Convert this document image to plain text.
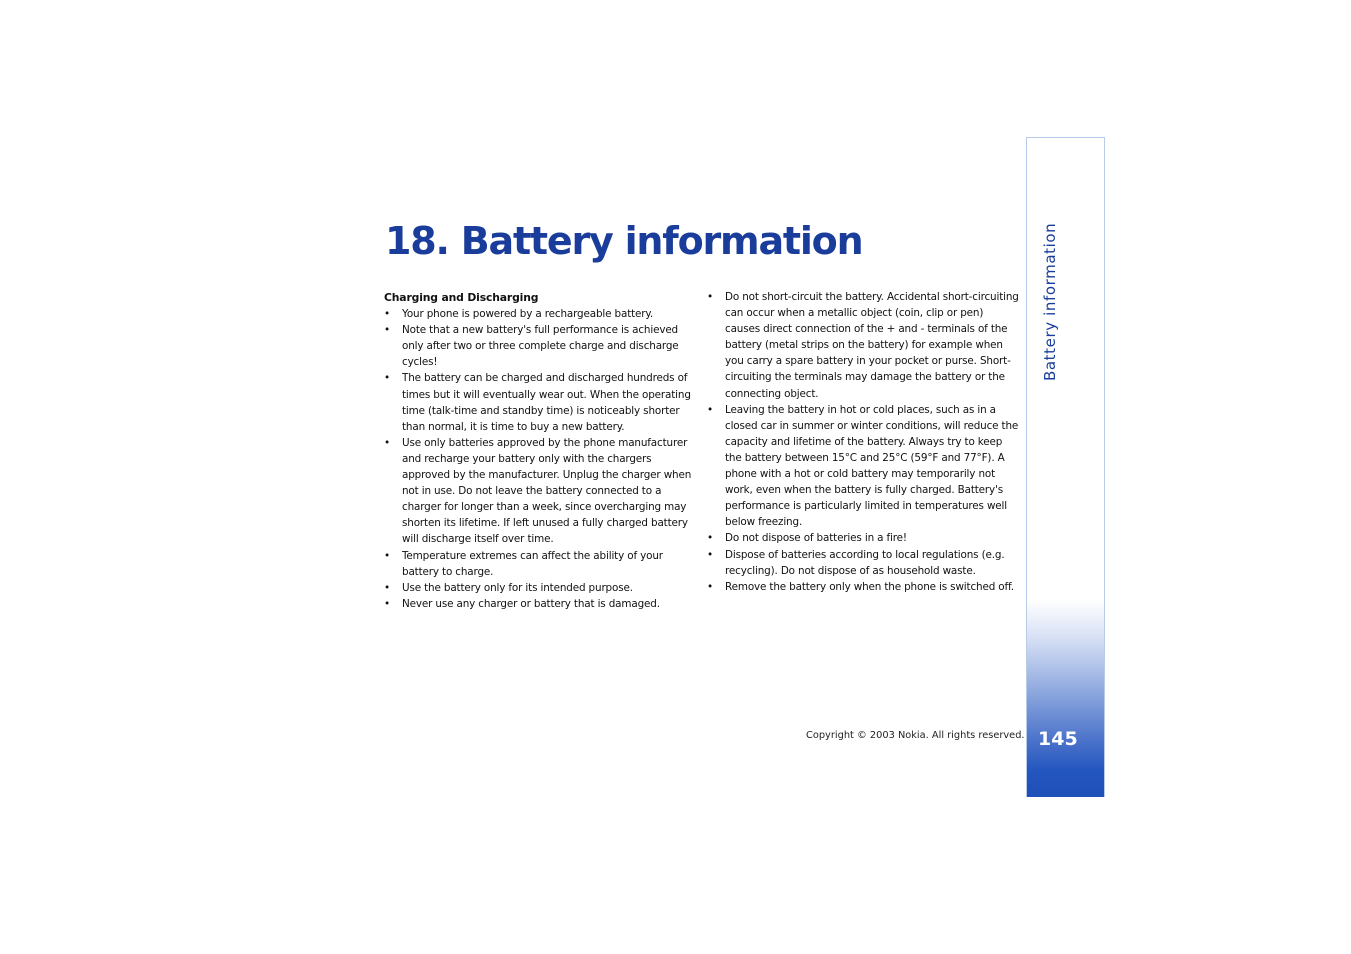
18. Battery information

Charging and Discharging

• Your phone is powered by a rechargeable battery.
• Note that a new battery's full performance is achieved only after two or three complete charge and discharge cycles!
• The battery can be charged and discharged hundreds of times but it will eventually wear out. When the operating time (talk-time and standby time) is noticeably shorter than normal, it is time to buy a new battery.
• Use only batteries approved by the phone manufacturer and recharge your battery only with the chargers approved by the manufacturer. Unplug the charger when not in use. Do not leave the battery connected to a charger for longer than a week, since overcharging may shorten its lifetime. If left unused a fully charged battery will discharge itself over time.
• Temperature extremes can affect the ability of your battery to charge.
• Use the battery only for its intended purpose.
• Never use any charger or battery that is damaged.
• Do not short-circuit the battery. Accidental short-circuiting can occur when a metallic object (coin, clip or pen) causes direct connection of the + and - terminals of the battery (metal strips on the battery) for example when you carry a spare battery in your pocket or purse. Short-circuiting the terminals may damage the battery or the connecting object.
• Leaving the battery in hot or cold places, such as in a closed car in summer or winter conditions, will reduce the capacity and lifetime of the battery. Always try to keep the battery between 15°C and 25°C (59°F and 77°F). A phone with a hot or cold battery may temporarily not work, even when the battery is fully charged. Battery's performance is particularly limited in temperatures well below freezing.
• Do not dispose of batteries in a fire!
• Dispose of batteries according to local regulations (e.g. recycling). Do not dispose of as household waste.
• Remove the battery only when the phone is switched off.
Battery information
145
Copyright © 2003 Nokia. All rights reserved.
